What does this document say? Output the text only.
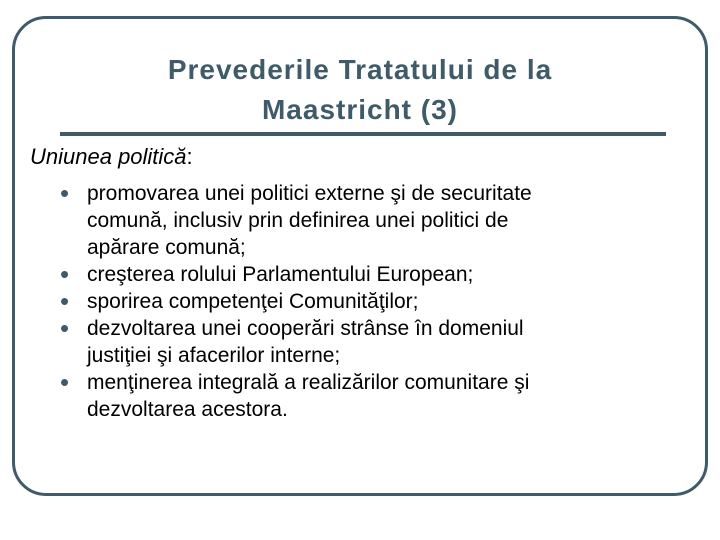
Prevederile Tratatului de la
Maastricht (3)
Uniunea politică:
• promovarea unei politici externe şi de securitate
comună, inclusiv prin definirea unei politici de
apărare comună;
• creşterea rolului Parlamentului European;
• sporirea competenţei Comunităţilor;
• dezvoltarea unei cooperări strânse în domeniul
justiţiei şi afacerilor interne;
• menţinerea integrală a realizărilor comunitare şi
dezvoltarea acestora.
